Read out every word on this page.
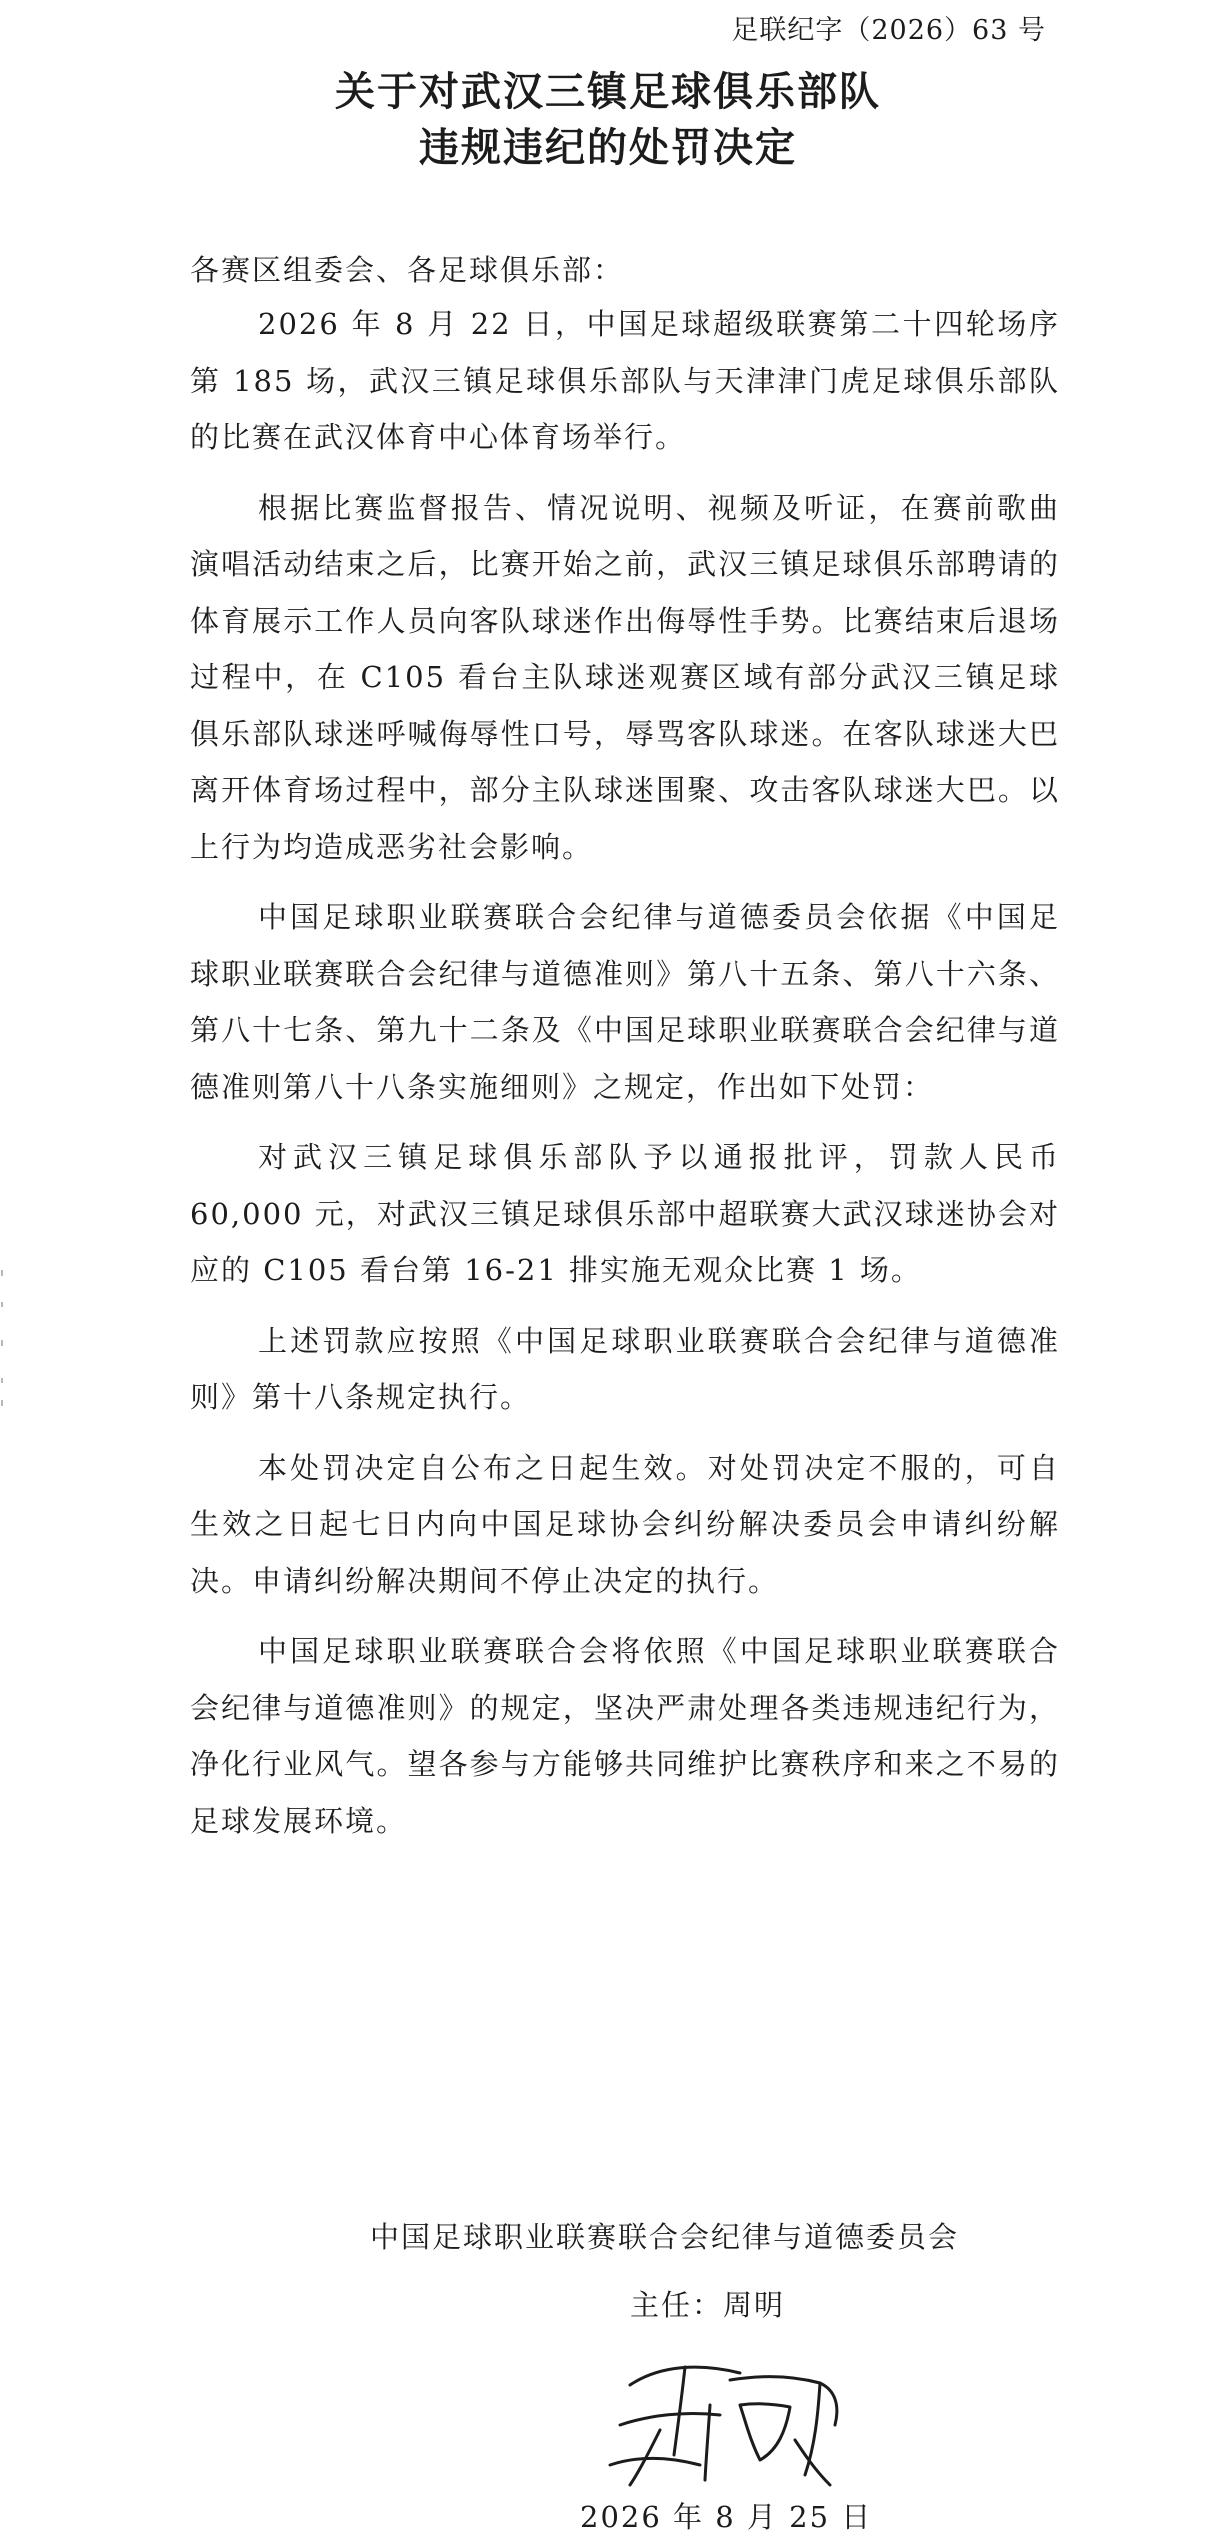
足联纪字（2026）63 号
关于对武汉三镇足球俱乐部队
违规违纪的处罚决定
各赛区组委会、各足球俱乐部：

2026 年 8 月 22 日，中国足球超级联赛第二十四轮场序第 185 场，武汉三镇足球俱乐部队与天津津门虎足球俱乐部队的比赛在武汉体育中心体育场举行。

根据比赛监督报告、情况说明、视频及听证，在赛前歌曲演唱活动结束之后，比赛开始之前，武汉三镇足球俱乐部聘请的体育展示工作人员向客队球迷作出侮辱性手势。比赛结束后退场过程中，在 C105 看台主队球迷观赛区域有部分武汉三镇足球俱乐部队球迷呼喊侮辱性口号，辱骂客队球迷。在客队球迷大巴离开体育场过程中，部分主队球迷围聚、攻击客队球迷大巴。以上行为均造成恶劣社会影响。

中国足球职业联赛联合会纪律与道德委员会依据《中国足球职业联赛联合会纪律与道德准则》第八十五条、第八十六条、第八十七条、第九十二条及《中国足球职业联赛联合会纪律与道德准则第八十八条实施细则》之规定，作出如下处罚：

对武汉三镇足球俱乐部队予以通报批评，罚款人民币 60,000 元，对武汉三镇足球俱乐部中超联赛大武汉球迷协会对应的 C105 看台第 16-21 排实施无观众比赛 1 场。

上述罚款应按照《中国足球职业联赛联合会纪律与道德准则》第十八条规定执行。

本处罚决定自公布之日起生效。对处罚决定不服的，可自生效之日起七日内向中国足球协会纠纷解决委员会申请纠纷解决。申请纠纷解决期间不停止决定的执行。

中国足球职业联赛联合会将依照《中国足球职业联赛联合会纪律与道德准则》的规定，坚决严肃处理各类违规违纪行为，净化行业风气。望各参与方能够共同维护比赛秩序和来之不易的足球发展环境。

中国足球职业联赛联合会纪律与道德委员会
主任：周明
2026 年 8 月 25 日
